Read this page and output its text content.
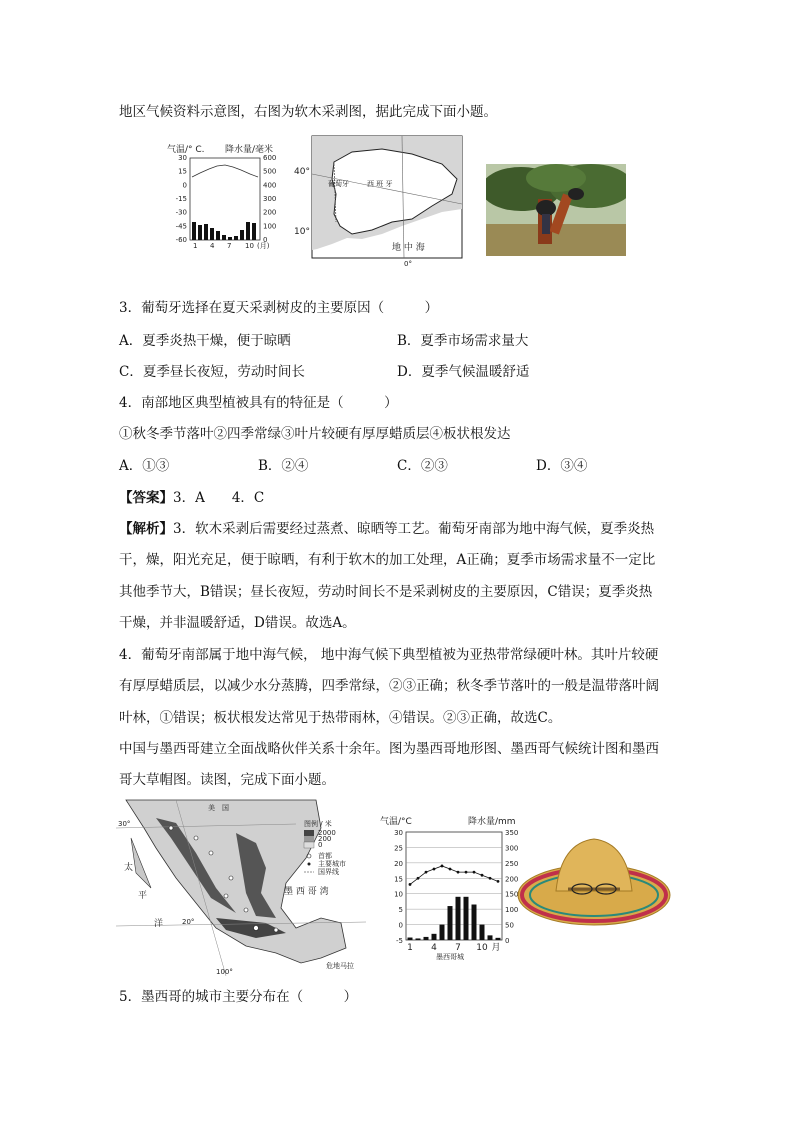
地区气候资料示意图，右图为软木采剥图，据此完成下面小题。
气温/° C. 降水量/毫米
30
15
0
-15
-30
-45
-60
600
500
400
300
200
100
0
1 4 7 10 (月)
40°
10°
0°
葡萄牙	西 班 牙
地 中 海
3．葡萄牙选择在夏天采剥树皮的主要原因（　　　）
A．夏季炎热干燥，便于晾晒	B．夏季市场需求量大
C．夏季昼长夜短，劳动时间长	D．夏季气候温暖舒适
4．南部地区典型植被具有的特征是（　　　）
①秋冬季节落叶②四季常绿③叶片较硬有厚厚蜡质层④板状根发达
A．①③	B．②④	C．②③	D．③④
【答案】3．A　　4．C
【解析】3．软木采剥后需要经过蒸煮、晾晒等工艺。葡萄牙南部为地中海气候，夏季炎热
干，燥，阳光充足，便于晾晒，有利于软木的加工处理，A正确；夏季市场需求量不一定比
其他季节大，B错误；昼长夜短，劳动时间长不是采剥树皮的主要原因，C错误；夏季炎热
干燥，并非温暖舒适，D错误。故选A。
4．葡萄牙南部属于地中海气候， 地中海气候下典型植被为亚热带常绿硬叶林。其叶片较硬
有厚厚蜡质层，以减少水分蒸腾，四季常绿，②③正确；秋冬季节落叶的一般是温带落叶阔
叶林，①错误；板状根发达常见于热带雨林，④错误。②③正确，故选C。
中国与墨西哥建立全面战略伙伴关系十余年。图为墨西哥地形图、墨西哥气候统计图和墨西
哥大草帽图。读图，完成下面小题。
美　国
太
平
洋
墨 西 哥 湾
危地马拉
30°
20°
100°
图例 / 米
2000
200
0
首都
主要城市
国界线
气温/°C	降水量/mm
30
25
20
15
10
5
0
-5
350
300
250
200
150
100
50
0
1 4 7 10 月
墨西哥城
5．墨西哥的城市主要分布在（　　　）
